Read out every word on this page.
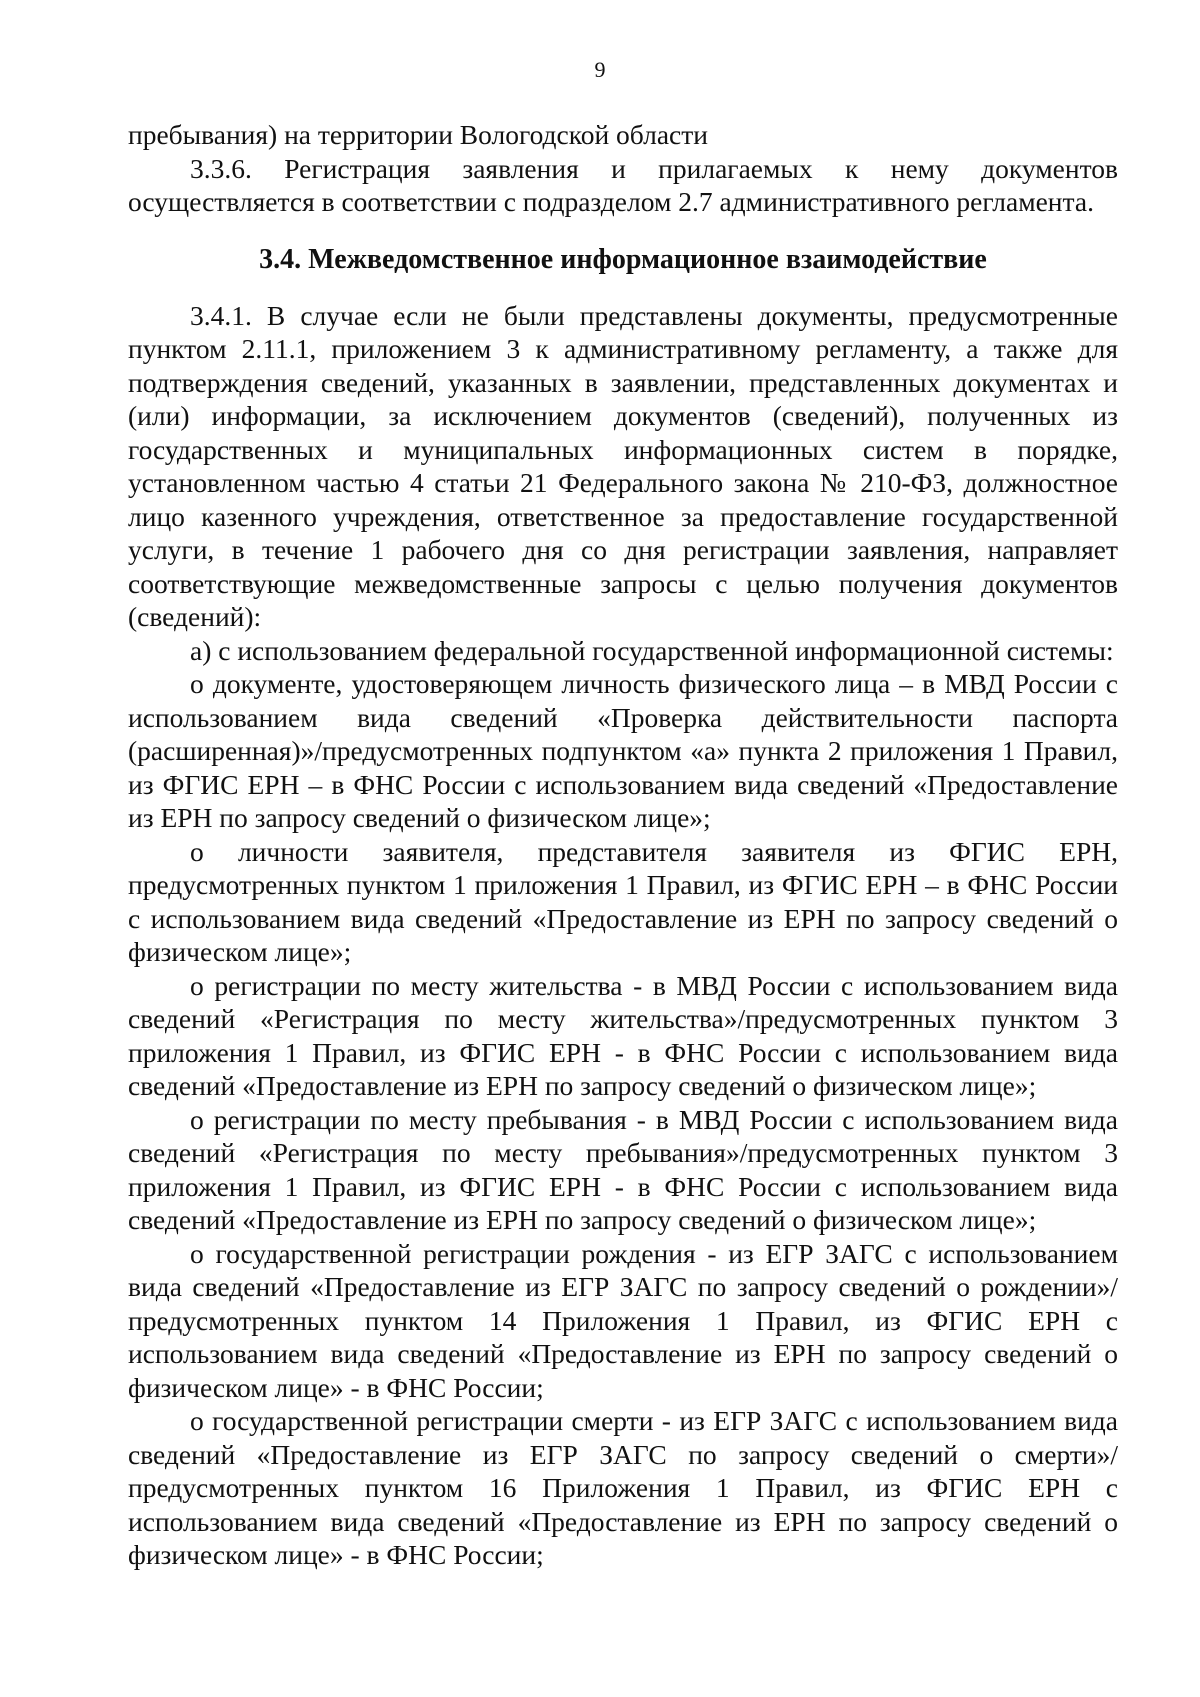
9

пребывания) на территории Вологодской области

3.3.6. Регистрация заявления и прилагаемых к нему документов осуществляется в соответствии с подразделом 2.7 административного регламента.

3.4. Межведомственное информационное взаимодействие

3.4.1. В случае если не были представлены документы, предусмотренные пунктом 2.11.1, приложением 3 к административному регламенту, а также для подтверждения сведений, указанных в заявлении, представленных документах и (или) информации, за исключением документов (сведений), полученных из государственных и муниципальных информационных систем в порядке, установленном частью 4 статьи 21 Федерального закона № 210-ФЗ, должностное лицо казенного учреждения, ответственное за предоставление государственной услуги, в течение 1 рабочего дня со дня регистрации заявления, направляет соответствующие межведомственные запросы с целью получения документов (сведений):

а) с использованием федеральной государственной информационной системы:

о документе, удостоверяющем личность физического лица – в МВД России с использованием вида сведений «Проверка действительности паспорта (расширенная)»/предусмотренных подпунктом «а» пункта 2 приложения 1 Правил, из ФГИС ЕРН – в ФНС России с использованием вида сведений «Предоставление из ЕРН по запросу сведений о физическом лице»;

о личности заявителя, представителя заявителя из ФГИС ЕРН, предусмотренных пунктом 1 приложения 1 Правил, из ФГИС ЕРН – в ФНС России с использованием вида сведений «Предоставление из ЕРН по запросу сведений о физическом лице»;

о регистрации по месту жительства - в МВД России с использованием вида сведений «Регистрация по месту жительства»/предусмотренных пунктом 3 приложения 1 Правил, из ФГИС ЕРН - в ФНС России с использованием вида сведений «Предоставление из ЕРН по запросу сведений о физическом лице»;

о регистрации по месту пребывания - в МВД России с использованием вида сведений «Регистрация по месту пребывания»/предусмотренных пунктом 3 приложения 1 Правил, из ФГИС ЕРН - в ФНС России с использованием вида сведений «Предоставление из ЕРН по запросу сведений о физическом лице»;

о государственной регистрации рождения - из ЕГР ЗАГС с использованием вида сведений «Предоставление из ЕГР ЗАГС по запросу сведений о рождении»/предусмотренных пунктом 14 Приложения 1 Правил, из ФГИС ЕРН с использованием вида сведений «Предоставление из ЕРН по запросу сведений о физическом лице» - в ФНС России;

о государственной регистрации смерти - из ЕГР ЗАГС с использованием вида сведений «Предоставление из ЕГР ЗАГС по запросу сведений о смерти»/ предусмотренных пунктом 16 Приложения 1 Правил, из ФГИС ЕРН с использованием вида сведений «Предоставление из ЕРН по запросу сведений о физическом лице» - в ФНС России;
